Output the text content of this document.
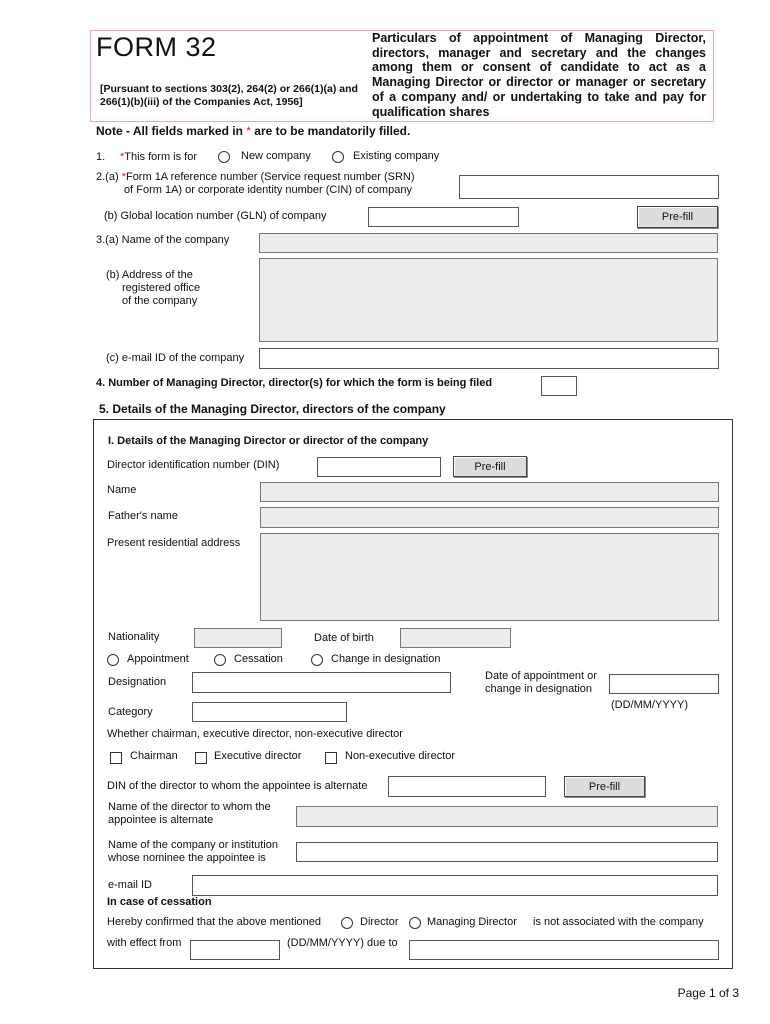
FORM 32
[Pursuant to sections 303(2), 264(2) or 266(1)(a) and 266(1)(b)(iii) of the Companies Act, 1956]
Particulars of appointment of Managing Director, directors, manager and secretary and the changes among them or consent of candidate to act as a Managing Director or director or manager or secretary of a company and/ or undertaking to take and pay for qualification shares
Note - All fields marked in * are to be mandatorily filled.
1. *This form is for	New company	Existing company
2.(a) *Form 1A reference number (Service request number (SRN)
of Form 1A) or corporate identity number (CIN) of company
(b) Global location number (GLN) of company	Pre-fill
3.(a) Name of the company
(b) Address of the
registered office
of the company
(c) e-mail ID of the company
4. Number of Managing Director, director(s) for which the form is being filed
5. Details of the Managing Director, directors of the company
I. Details of the Managing Director or director of the company
Director identification number (DIN)	Pre-fill
Name
Father's name
Present residential address
Nationality	Date of birth
Appointment	Cessation	Change in designation
Designation	Date of appointment or
change in designation
(DD/MM/YYYY)
Category
Whether chairman, executive director, non-executive director
Chairman	Executive director	Non-executive director
DIN of the director to whom the appointee is alternate	Pre-fill
Name of the director to whom the
appointee is alternate
Name of the company or institution
whose nominee the appointee is
e-mail ID
In case of cessation
Hereby confirmed that the above mentioned	Director	Managing Director is not associated with the company
with effect from	(DD/MM/YYYY) due to
Page 1 of 3
